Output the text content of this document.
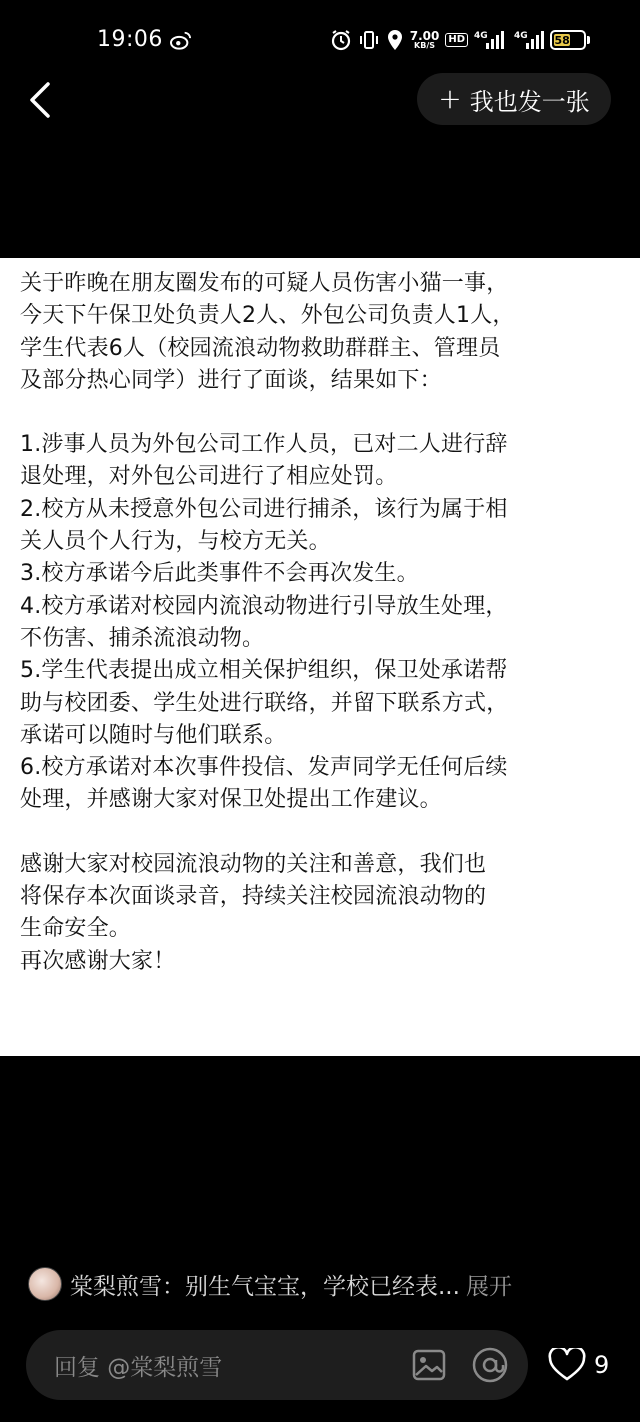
19:06	7.00
KB/S
HD	4G	4G 58
+ 我也发一张

关于昨晚在朋友圈发布的可疑人员伤害小猫一事，

今天下午保卫处负责人2人、外包公司负责人1人，

学生代表6人（校园流浪动物救助群群主、管理员

及部分热心同学）进行了面谈，结果如下：

1.涉事人员为外包公司工作人员，已对二人进行辞

退处理，对外包公司进行了相应处罚。

2.校方从未授意外包公司进行捕杀，该行为属于相

关人员个人行为，与校方无关。

3.校方承诺今后此类事件不会再次发生。

4.校方承诺对校园内流浪动物进行引导放生处理，

不伤害、捕杀流浪动物。

5.学生代表提出成立相关保护组织，保卫处承诺帮

助与校团委、学生处进行联络，并留下联系方式，

承诺可以随时与他们联系。

6.校方承诺对本次事件投信、发声同学无任何后续

处理，并感谢大家对保卫处提出工作建议。

感谢大家对校园流浪动物的关注和善意，我们也

将保存本次面谈录音，持续关注校园流浪动物的

生命安全。

再次感谢大家！

棠梨煎雪： 别生气宝宝，学校已经表... 展开
回复 @棠梨煎雪	9
